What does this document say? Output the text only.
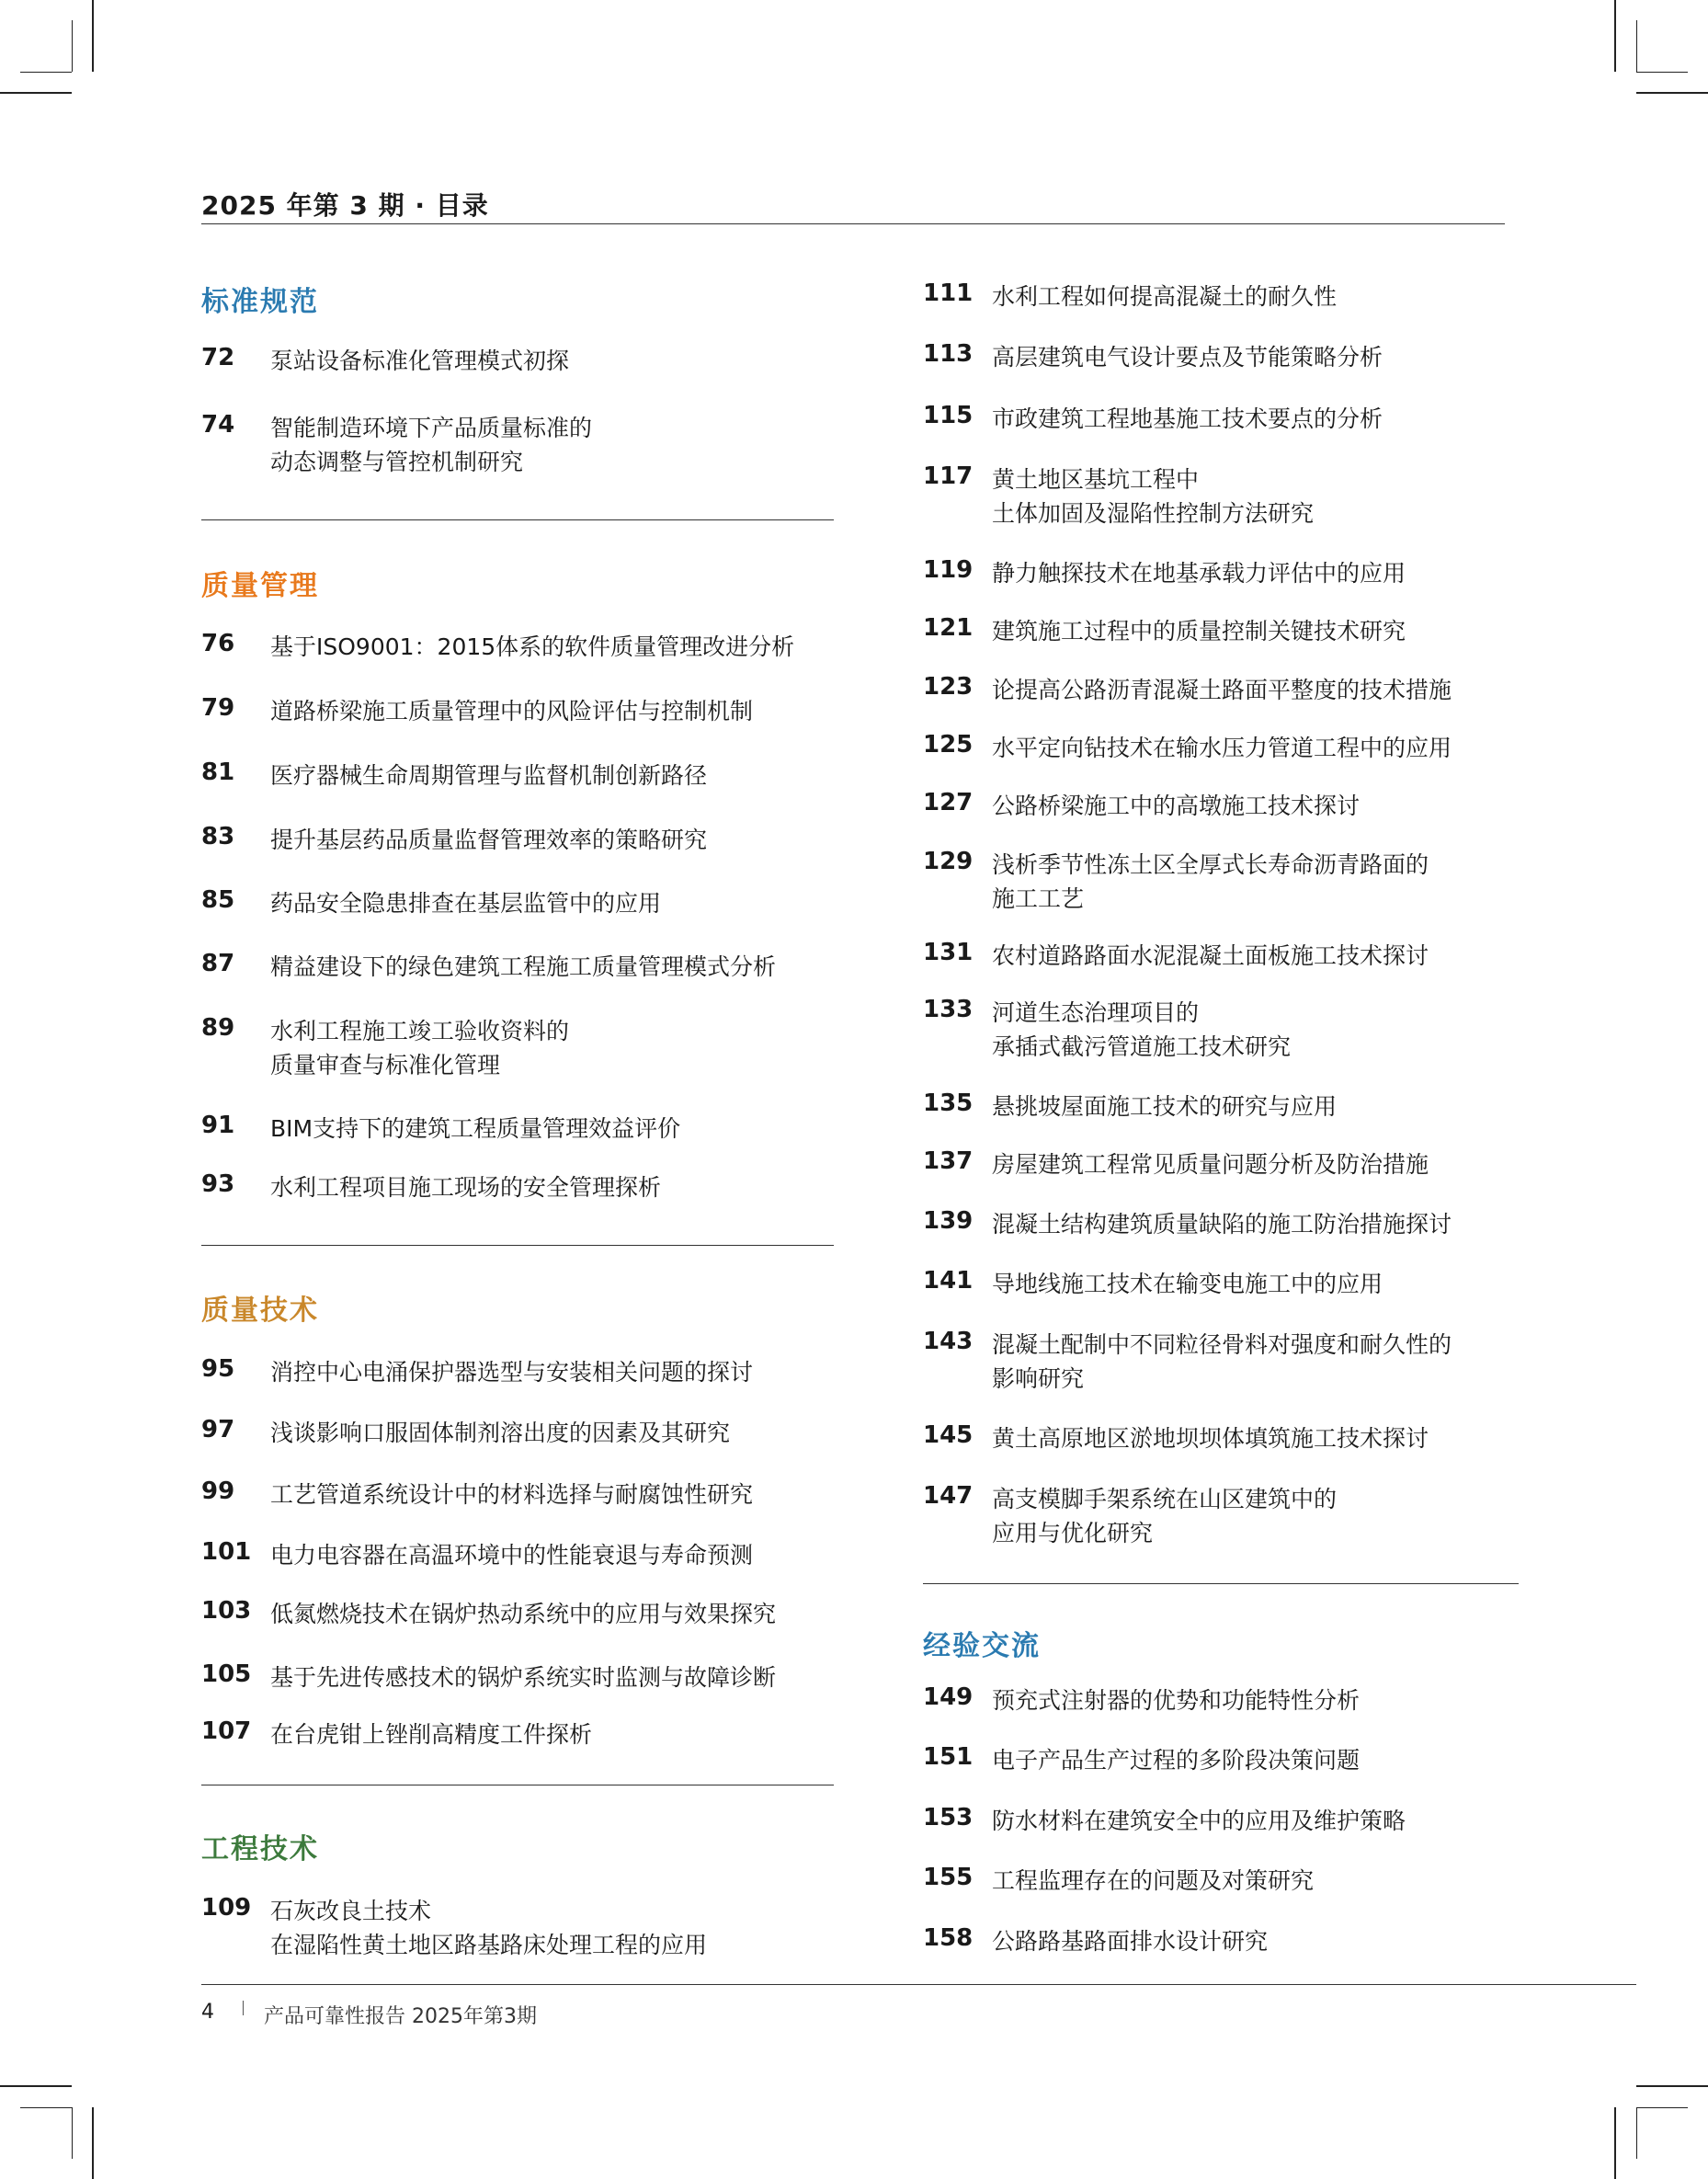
2025 年第 3 期 · 目录
标准规范
72 泵站设备标准化管理模式初探
74 智能制造环境下产品质量标准的
动态调整与管控机制研究
质量管理
76 基于ISO9001：2015体系的软件质量管理改进分析
79 道路桥梁施工质量管理中的风险评估与控制机制
81 医疗器械生命周期管理与监督机制创新路径
83 提升基层药品质量监督管理效率的策略研究
85 药品安全隐患排查在基层监管中的应用
87 精益建设下的绿色建筑工程施工质量管理模式分析
89 水利工程施工竣工验收资料的
质量审查与标准化管理
91 BIM支持下的建筑工程质量管理效益评价
93 水利工程项目施工现场的安全管理探析
质量技术
95 消控中心电涌保护器选型与安装相关问题的探讨
97 浅谈影响口服固体制剂溶出度的因素及其研究
99 工艺管道系统设计中的材料选择与耐腐蚀性研究
101 电力电容器在高温环境中的性能衰退与寿命预测
103 低氮燃烧技术在锅炉热动系统中的应用与效果探究
105 基于先进传感技术的锅炉系统实时监测与故障诊断
107 在台虎钳上锉削高精度工件探析
工程技术
109 石灰改良土技术
在湿陷性黄土地区路基路床处理工程的应用
111 水利工程如何提高混凝土的耐久性
113 高层建筑电气设计要点及节能策略分析
115 市政建筑工程地基施工技术要点的分析
117 黄土地区基坑工程中
土体加固及湿陷性控制方法研究
119 静力触探技术在地基承载力评估中的应用
121 建筑施工过程中的质量控制关键技术研究
123 论提高公路沥青混凝土路面平整度的技术措施
125 水平定向钻技术在输水压力管道工程中的应用
127 公路桥梁施工中的高墩施工技术探讨
129 浅析季节性冻土区全厚式长寿命沥青路面的
施工工艺
131 农村道路路面水泥混凝土面板施工技术探讨
133 河道生态治理项目的
承插式截污管道施工技术研究
135 悬挑坡屋面施工技术的研究与应用
137 房屋建筑工程常见质量问题分析及防治措施
139 混凝土结构建筑质量缺陷的施工防治措施探讨
141 导地线施工技术在输变电施工中的应用
143 混凝土配制中不同粒径骨料对强度和耐久性的
影响研究
145 黄土高原地区淤地坝坝体填筑施工技术探讨
147 高支模脚手架系统在山区建筑中的
应用与优化研究
经验交流
149 预充式注射器的优势和功能特性分析
151 电子产品生产过程的多阶段决策问题
153 防水材料在建筑安全中的应用及维护策略
155 工程监理存在的问题及对策研究
158 公路路基路面排水设计研究
4 产品可靠性报告 2025年第3期
